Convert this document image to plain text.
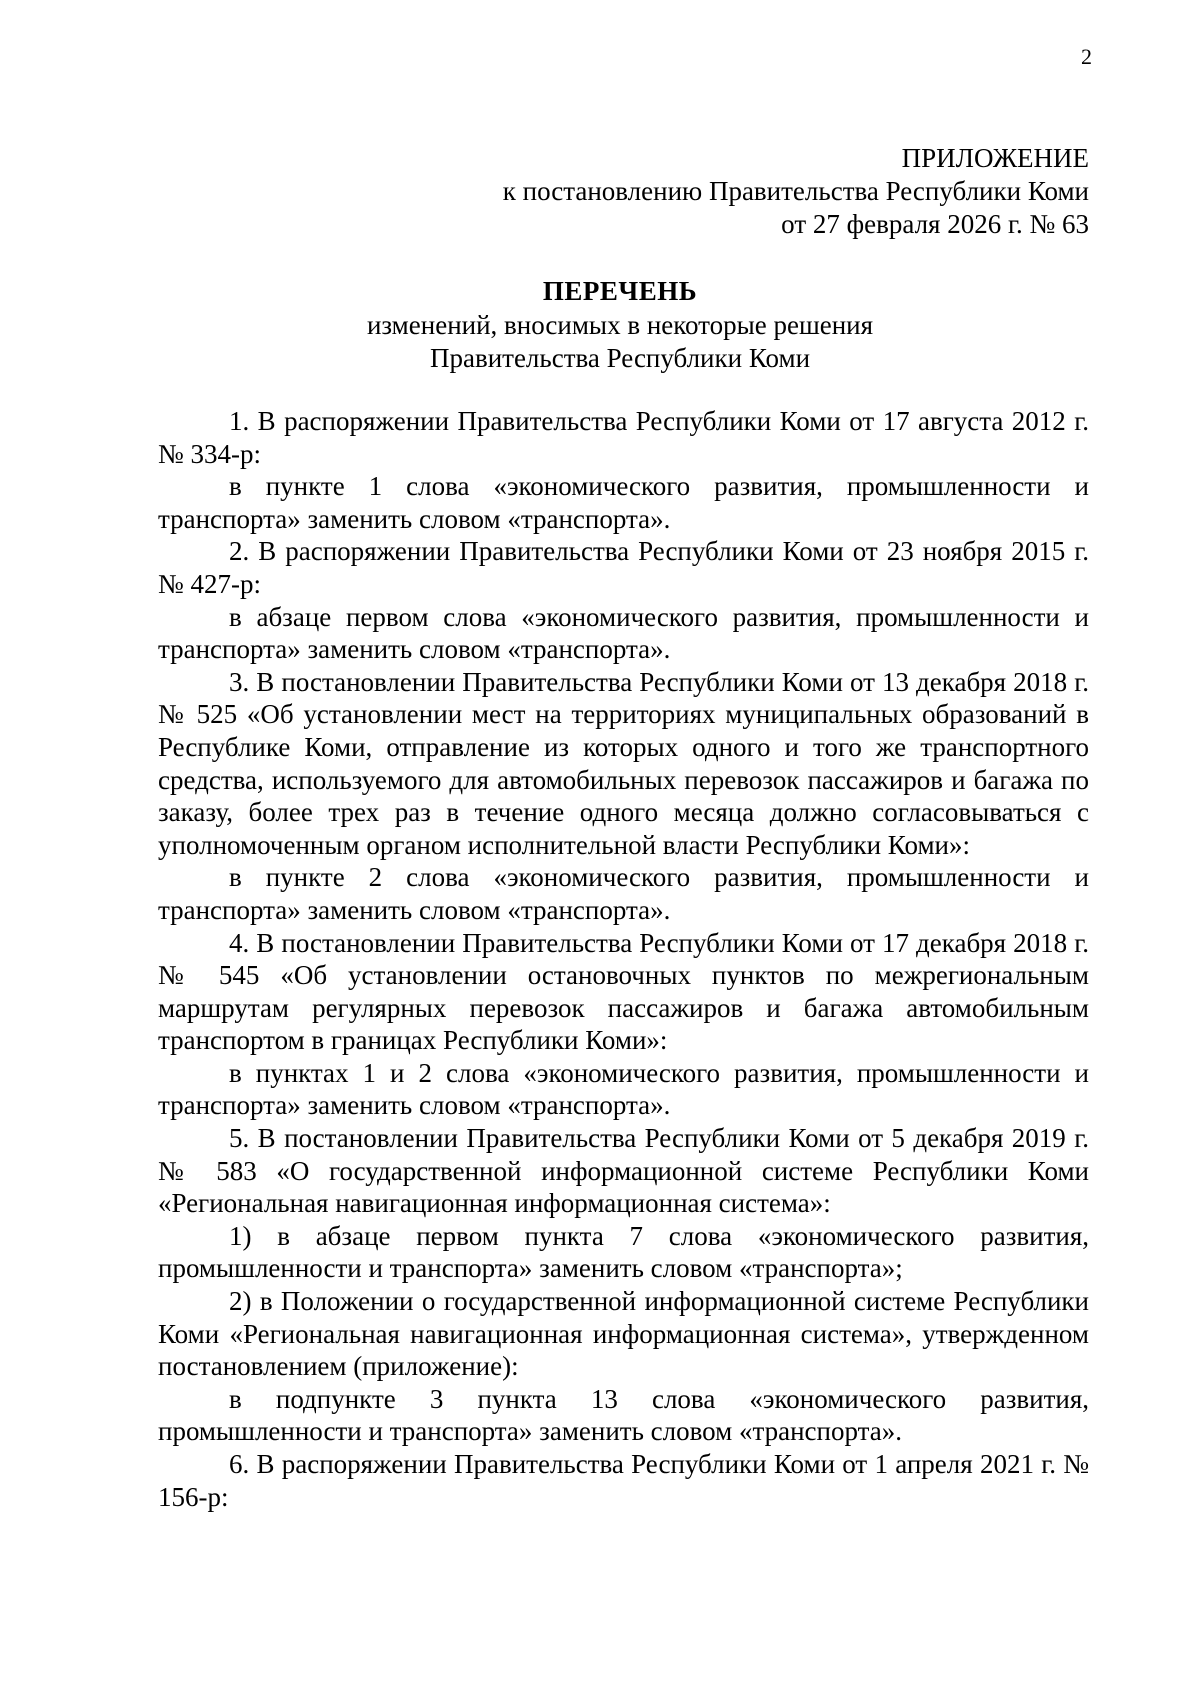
2
ПРИЛОЖЕНИЕ
к постановлению Правительства Республики Коми
от 27 февраля 2026 г. № 63
ПЕРЕЧЕНЬ
изменений, вносимых в некоторые решения
Правительства Республики Коми

1. В распоряжении Правительства Республики Коми от 17 августа 2012 г. № 334-р:

в пункте 1 слова «экономического развития, промышленности и транспорта» заменить словом «транспорта».

2. В распоряжении Правительства Республики Коми от 23 ноября 2015 г. № 427-р:

в абзаце первом слова «экономического развития, промышленности и транспорта» заменить словом «транспорта».

3. В постановлении Правительства Республики Коми от 13 декабря 2018 г. № 525 «Об установлении мест на территориях муниципальных образований в Республике Коми, отправление из которых одного и того же транспортного средства, используемого для автомобильных перевозок пассажиров и багажа по заказу, более трех раз в течение одного месяца должно согласовываться с уполномоченным органом исполнительной власти Республики Коми»:

в пункте 2 слова «экономического развития, промышленности и транспорта» заменить словом «транспорта».

4. В постановлении Правительства Республики Коми от 17 декабря 2018 г. № 545 «Об установлении остановочных пунктов по межрегиональным маршрутам регулярных перевозок пассажиров и багажа автомобильным транспортом в границах Республики Коми»:

в пунктах 1 и 2 слова «экономического развития, промышленности и транспорта» заменить словом «транспорта».

5. В постановлении Правительства Республики Коми от 5 декабря 2019 г. № 583 «О государственной информационной системе Республики Коми «Региональная навигационная информационная система»:

1) в абзаце первом пункта 7 слова «экономического развития, промышленности и транспорта» заменить словом «транспорта»;

2) в Положении о государственной информационной системе Республики Коми «Региональная навигационная информационная система», утвержденном постановлением (приложение):

в подпункте 3 пункта 13 слова «экономического развития, промышленности и транспорта» заменить словом «транспорта».

6. В распоряжении Правительства Республики Коми от 1 апреля 2021 г. № 156-р:
